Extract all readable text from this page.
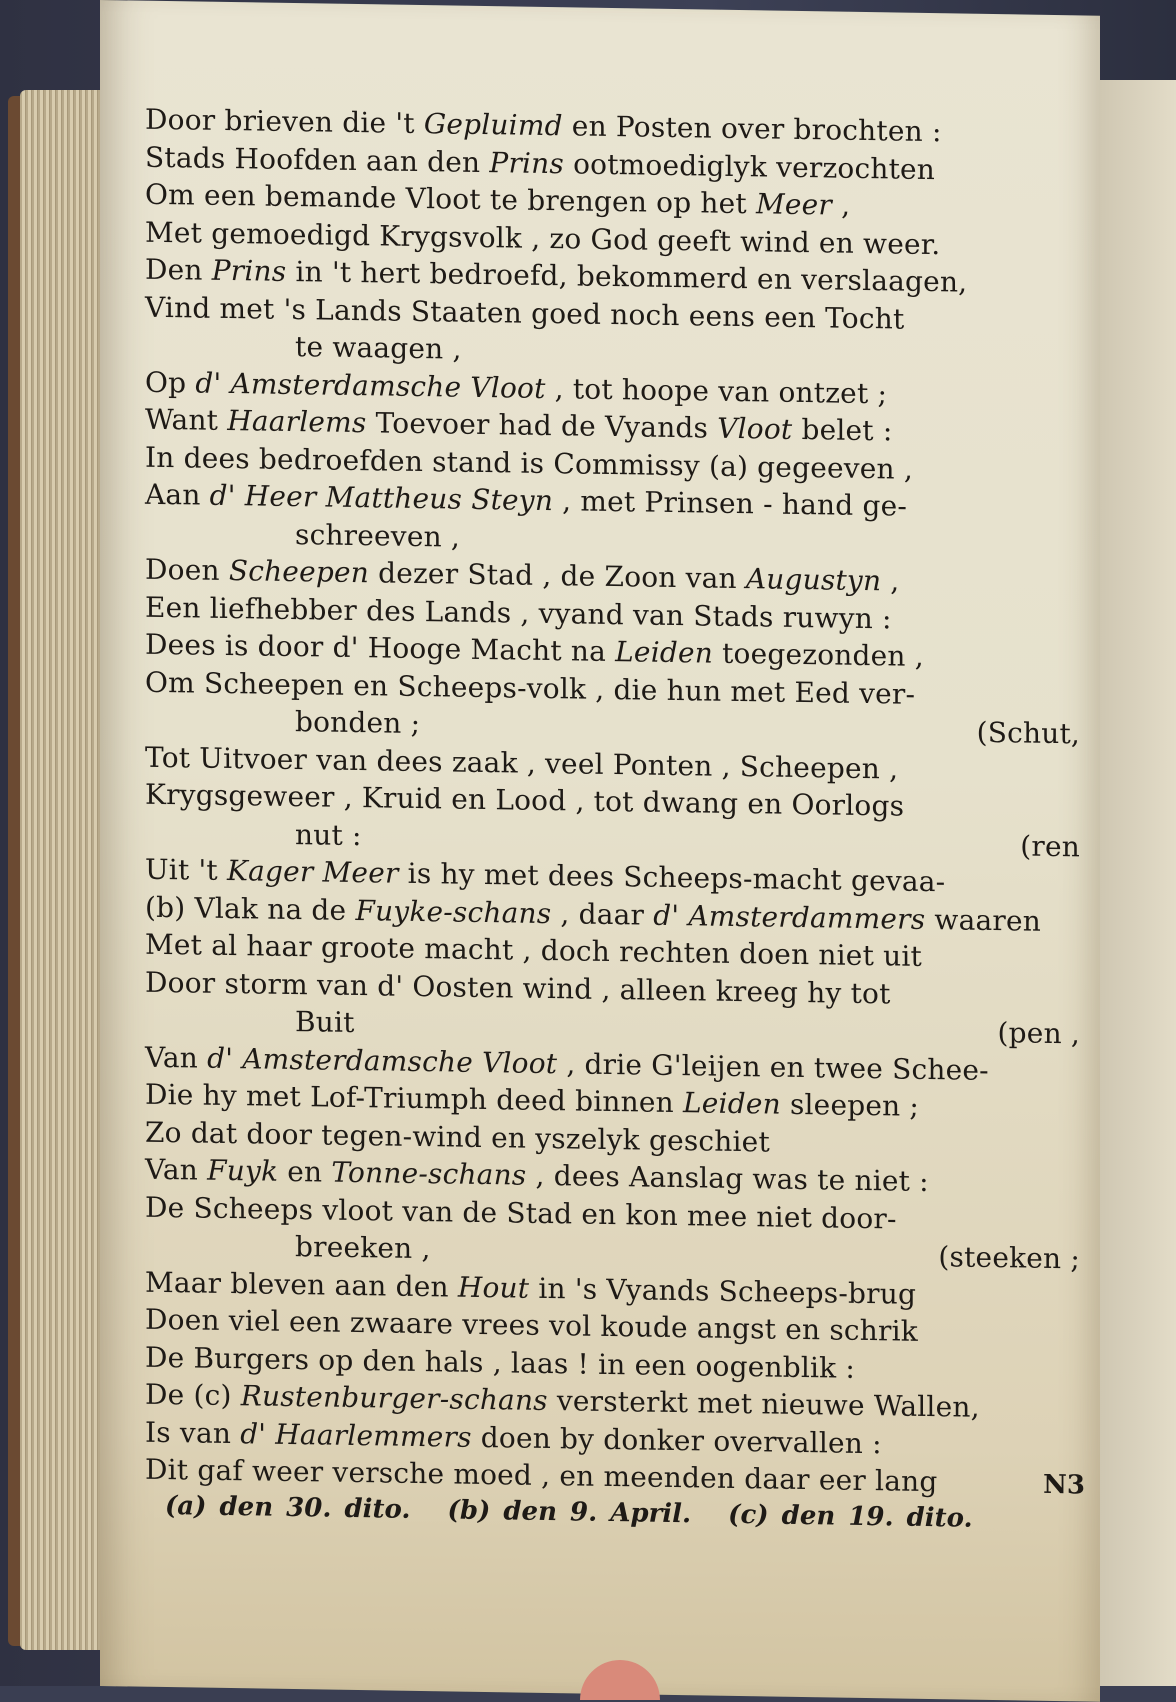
Door brieven die 't Gepluimd en Posten over brochten :
Stads Hoofden aan den Prins ootmoediglyk verzochten
Om een bemande Vloot te brengen op het Meer ,
Met gemoedigd Krygsvolk , zo God geeft wind en weer.
Den Prins in 't hert bedroefd, bekommerd en verslaagen,
Vind met 's Lands Staaten goed noch eens een Tocht
te waagen ,
Op d' Amsterdamsche Vloot , tot hoope van ontzet ;
Want Haarlems Toevoer had de Vyands Vloot belet :
In dees bedroefden stand is Commissy (a) gegeeven ,
Aan d' Heer Mattheus Steyn , met Prinsen - hand ge-
schreeven ,
Doen Scheepen dezer Stad , de Zoon van Augustyn ,
Een liefhebber des Lands , vyand van Stads ruwyn :
Dees is door d' Hooge Macht na Leiden toegezonden ,
Om Scheepen en Scheeps-volk , die hun met Eed ver-
bonden ;	(Schut,
Tot Uitvoer van dees zaak , veel Ponten , Scheepen ,
Krygsgeweer , Kruid en Lood , tot dwang en Oorlogs
nut :	(ren
Uit 't Kager Meer is hy met dees Scheeps-macht gevaa-
(b) Vlak na de Fuyke-schans , daar d' Amsterdammers waaren
Met al haar groote macht , doch rechten doen niet uit
Door storm van d' Oosten wind , alleen kreeg hy tot
Buit	(pen ,
Van d' Amsterdamsche Vloot , drie G'leijen en twee Schee-
Die hy met Lof-Triumph deed binnen Leiden sleepen ;
Zo dat door tegen-wind en yszelyk geschiet
Van Fuyk en Tonne-schans , dees Aanslag was te niet :
De Scheeps vloot van de Stad en kon mee niet door-
breeken ,	(steeken ;
Maar bleven aan den Hout in 's Vyands Scheeps-brug
Doen viel een zwaare vrees vol koude angst en schrik
De Burgers op den hals , laas ! in een oogenblik :
De (c) Rustenburger-schans versterkt met nieuwe Wallen,
Is van d' Haarlemmers doen by donker overvallen :
Dit gaf weer versche moed , en meenden daar eer lang	N3
(a) den 30. dito. (b) den 9. April. (c) den 19. dito.
